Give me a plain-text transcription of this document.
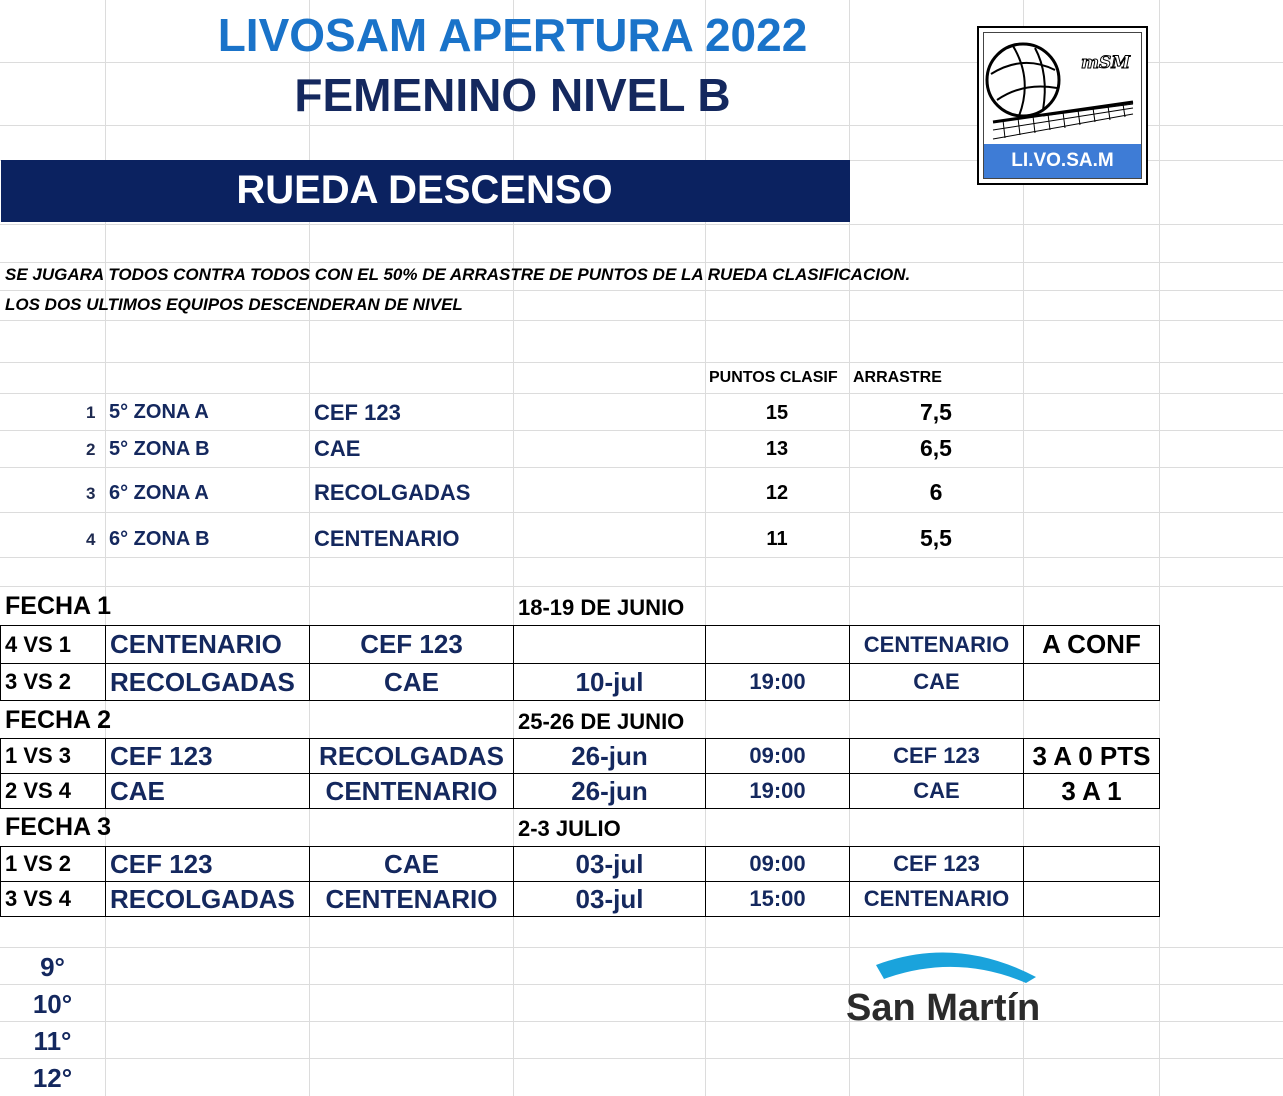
LIVOSAM APERTURA 2022
FEMENINO NIVEL B
RUEDA DESCENSO
mSM
LI.VO.SA.M
SE JUGARA TODOS CONTRA TODOS CON EL 50% DE ARRASTRE DE PUNTOS DE LA RUEDA CLASIFICACION.
LOS DOS ULTIMOS EQUIPOS DESCENDERAN DE NIVEL
PUNTOS CLASIF ARRASTRE
1 5° ZONA A	CEF 123	15	7,5
2 5° ZONA B	CAE	13	6,5
3 6° ZONA A	RECOLGADAS	12	6
4 6° ZONA B	CENTENARIO	11	5,5
FECHA 1	18-19 DE JUNIO
4 VS 1	CENTENARIO	CEF 123			CENTENARIO	A CONF
3 VS 2	RECOLGADAS	CAE	10-jul	19:00	CAE	
FECHA 2	25-26 DE JUNIO
1 VS 3	CEF 123	RECOLGADAS	26-jun	09:00	CEF 123	3 A 0 PTS
2 VS 4	CAE	CENTENARIO	26-jun	19:00	CAE	3 A 1
FECHA 3	2-3 JULIO
1 VS 2	CEF 123	CAE	03-jul	09:00	CEF 123	
3 VS 4	RECOLGADAS	CENTENARIO	03-jul	15:00	CENTENARIO	
9°
10°
11°
12°
San Martín
